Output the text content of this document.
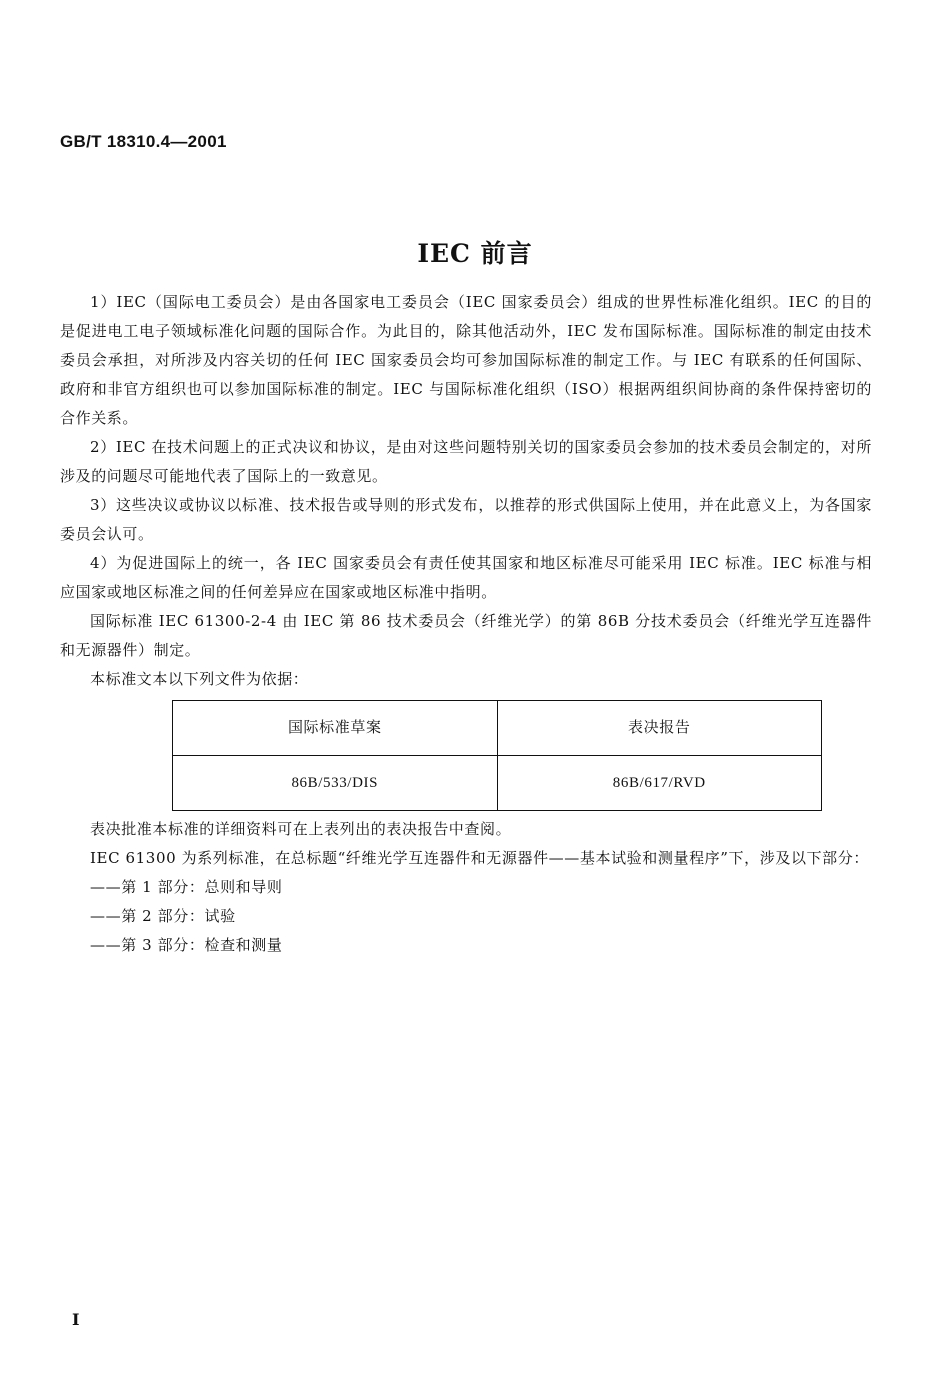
GB/T 18310.4—2001
IEC 前言

1）IEC（国际电工委员会）是由各国家电工委员会（IEC 国家委员会）组成的世界性标准化组织。IEC 的目的是促进电工电子领域标准化问题的国际合作。为此目的，除其他活动外，IEC 发布国际标准。国际标准的制定由技术委员会承担，对所涉及内容关切的任何 IEC 国家委员会均可参加国际标准的制定工作。与 IEC 有联系的任何国际、政府和非官方组织也可以参加国际标准的制定。IEC 与国际标准化组织（ISO）根据两组织间协商的条件保持密切的合作关系。

2）IEC 在技术问题上的正式决议和协议，是由对这些问题特别关切的国家委员会参加的技术委员会制定的，对所涉及的问题尽可能地代表了国际上的一致意见。

3）这些决议或协议以标准、技术报告或导则的形式发布，以推荐的形式供国际上使用，并在此意义上，为各国家委员会认可。

4）为促进国际上的统一，各 IEC 国家委员会有责任使其国家和地区标准尽可能采用 IEC 标准。IEC 标准与相应国家或地区标准之间的任何差异应在国家或地区标准中指明。

国际标准 IEC 61300-2-4 由 IEC 第 86 技术委员会（纤维光学）的第 86B 分技术委员会（纤维光学互连器件和无源器件）制定。

本标准文本以下列文件为依据：

国际标准草案	表决报告
86B/533/DIS	86B/617/RVD

表决批准本标准的详细资料可在上表列出的表决报告中查阅。

IEC 61300 为系列标准，在总标题“纤维光学互连器件和无源器件——基本试验和测量程序”下，涉及以下部分：

——第 1 部分：总则和导则

——第 2 部分：试验

——第 3 部分：检查和测量

I
